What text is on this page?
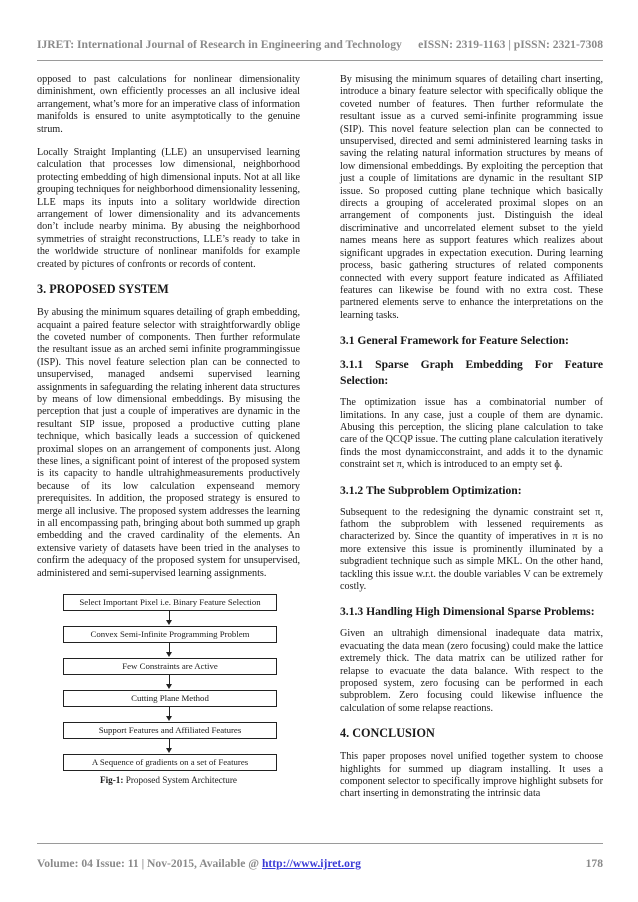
IJRET: International Journal of Research in Engineering and Technology eISSN: 2319-1163 | pISSN: 2321-7308

opposed to past calculations for nonlinear dimensionality diminishment, own efficiently processes an all inclusive ideal arrangement, what’s more for an imperative class of information manifolds is ensured to unite asymptotically to the genuine strum.

Locally Straight Implanting (LLE) an unsupervised learning calculation that processes low dimensional, neighborhood protecting embedding of high dimensional inputs. Not at all like grouping techniques for neighborhood dimensionality lessening, LLE maps its inputs into a solitary worldwide direction arrangement of lower dimensionality and its advancements don’t include nearby minima. By abusing the neighborhood symmetries of straight reconstructions, LLE’s ready to take in the worldwide structure of nonlinear manifolds for example created by pictures of confronts or records of content.

3. PROPOSED SYSTEM

By abusing the minimum squares detailing of graph embedding, acquaint a paired feature selector with straightforwardly oblige the coveted number of components. Then further reformulate the resultant issue as an arched semi infinite programmingissue (ISP). This novel feature selection plan can be connected to unsupervised, managed andsemi supervised learning assignments in safeguarding the relating inherent data structures by means of low dimensional embeddings. By misusing the perception that just a couple of imperatives are dynamic in the resultant SIP issue, proposed a productive cutting plane technique, which basically leads a succession of quickened proximal slopes on an arrangement of components just. Along these lines, a significant point of interest of the proposed system is its capacity to handle ultrahighmeasurements productively because of its low calculation expenseand memory prerequisites. In addition, the proposed strategy is ensured to merge all inclusive. The proposed system addresses the learning in all encompassing path, bringing about both summed up graph embedding and the craved cardinality of the elements. An extensive variety of datasets have been tried in the analyses to confirm the adequacy of the proposed system for unsupervised, administered and semi-supervised learning assignments.

Select Important Pixel i.e. Binary Feature Selection
Convex Semi-Infinite Programming Problem
Few Constraints are Active
Cutting Plane Method
Support Features and Affiliated Features
A Sequence of gradients on a set of Features
Fig-1: Proposed System Architecture

By misusing the minimum squares of detailing chart inserting, introduce a binary feature selector with specifically oblique the coveted number of features. Then further reformulate the resultant issue as a curved semi-infinite programming issue (SIP). This novel feature selection plan can be connected to unsupervised, directed and semi administered learning tasks in saving the relating natural information structures by means of low dimensional embeddings. By exploiting the perception that just a couple of limitations are dynamic in the resultant SIP issue. So proposed cutting plane technique which basically directs a grouping of accelerated proximal slopes on an arrangement of components just. Distinguish the ideal discriminative and uncorrelated element subset to the yield names means here as support features which realizes about significant upgrades in expectation execution. During learning process, basic gathering structures of related components connected with every support feature indicated as Affiliated features can likewise be found with no extra cost. These partnered elements serve to enhance the interpretations on the learning tasks.

3.1 General Framework for Feature Selection:
3.1.1 Sparse Graph Embedding For Feature Selection:

The optimization issue has a combinatorial number of limitations. In any case, just a couple of them are dynamic. Abusing this perception, the slicing plane calculation to take care of the QCQP issue. The cutting plane calculation iteratively finds the most dynamicconstraint, and adds it to the dynamic constraint set π, which is introduced to an empty set ɸ.

3.1.2 The Subproblem Optimization:

Subsequent to the redesigning the dynamic constraint set π, fathom the subproblem with lessened requirements as characterized by. Since the quantity of imperatives in π is no more extensive this issue is prominently illuminated by a subgradient technique such as simple MKL. On the other hand, tackling this issue w.r.t. the double variables V can be extremely costly.

3.1.3 Handling High Dimensional Sparse Problems:

Given an ultrahigh dimensional inadequate data matrix, evacuating the data mean (zero focusing) could make the lattice extremely thick. The data matrix can be utilized rather for relapse to evacuate the data balance. With respect to the proposed system, zero focusing can be performed in each subproblem. Zero focusing could likewise influence the calculation of some relapse reactions.

4. CONCLUSION

This paper proposes novel unified together system to choose highlights for summed up diagram installing. It uses a component selector to specifically improve highlight subsets for chart inserting in demonstrating the intrinsic data

Volume: 04 Issue: 11 | Nov-2015, Available @ http://www.ijret.org	178
